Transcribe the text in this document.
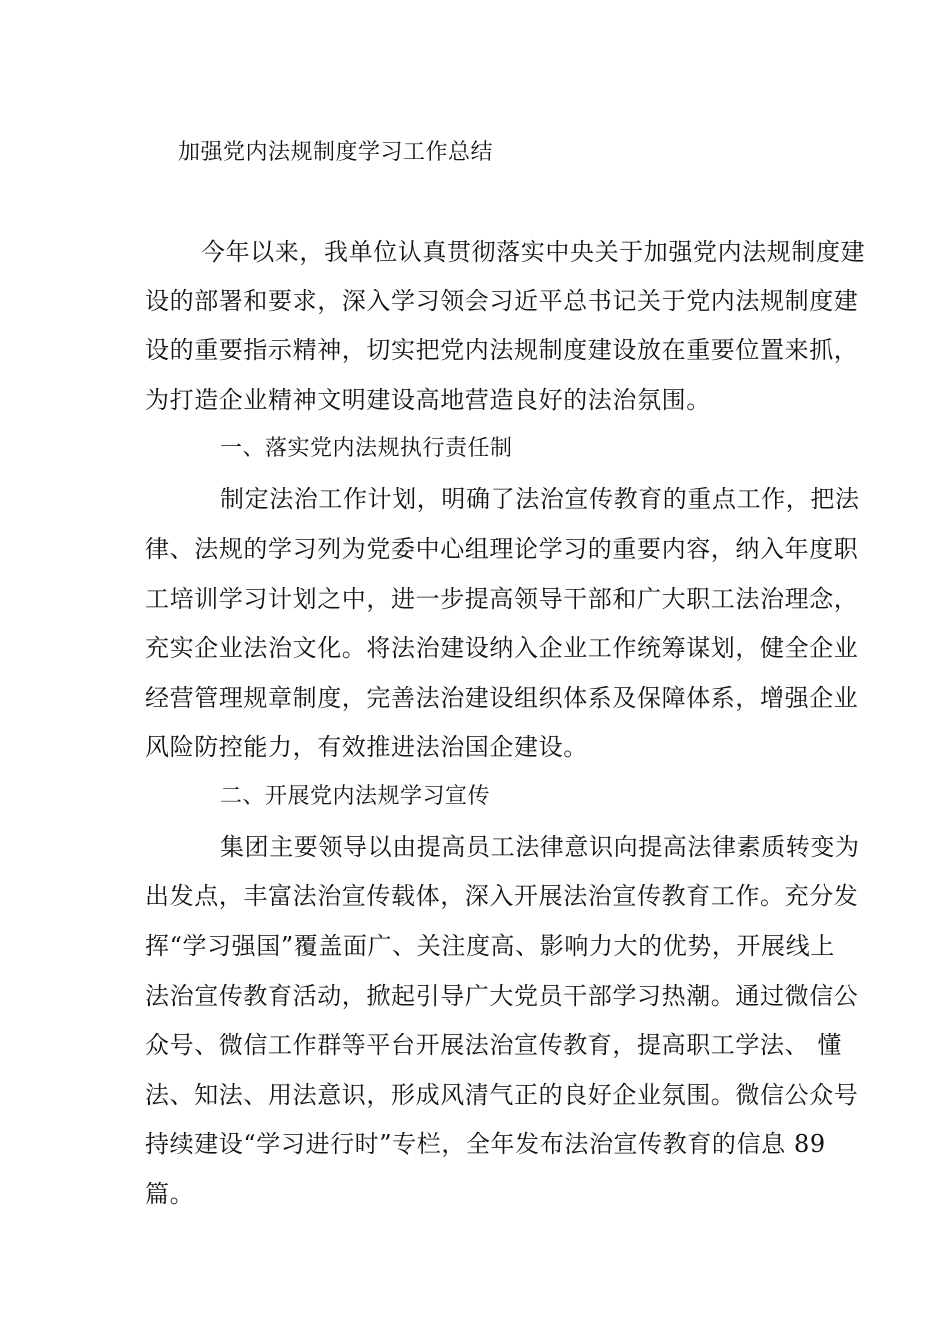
加强党内法规制度学习工作总结
今年以来，我单位认真贯彻落实中央关于加强党内法规制度建
设的部署和要求，深入学习领会习近平总书记关于党内法规制度建
设的重要指示精神，切实把党内法规制度建设放在重要位置来抓，
为打造企业精神文明建设高地营造良好的法治氛围。
一、落实党内法规执行责任制
制定法治工作计划，明确了法治宣传教育的重点工作，把法
律、法规的学习列为党委中心组理论学习的重要内容，纳入年度职
工培训学习计划之中，进一步提高领导干部和广大职工法治理念，
充实企业法治文化。将法治建设纳入企业工作统筹谋划，健全企业
经营管理规章制度，完善法治建设组织体系及保障体系，增强企业
风险防控能力，有效推进法治国企建设。
二、开展党内法规学习宣传
集团主要领导以由提高员工法律意识向提高法律素质转变为
出发点，丰富法治宣传载体，深入开展法治宣传教育工作。充分发
挥“学习强国”覆盖面广、关注度高、影响力大的优势，开展线上
法治宣传教育活动，掀起引导广大党员干部学习热潮。通过微信公
众号、微信工作群等平台开展法治宣传教育，提高职工学法、 懂
法、知法、用法意识，形成风清气正的良好企业氛围。微信公众号
持续建设“学习进行时”专栏，全年发布法治宣传教育的信息 89
篇。
